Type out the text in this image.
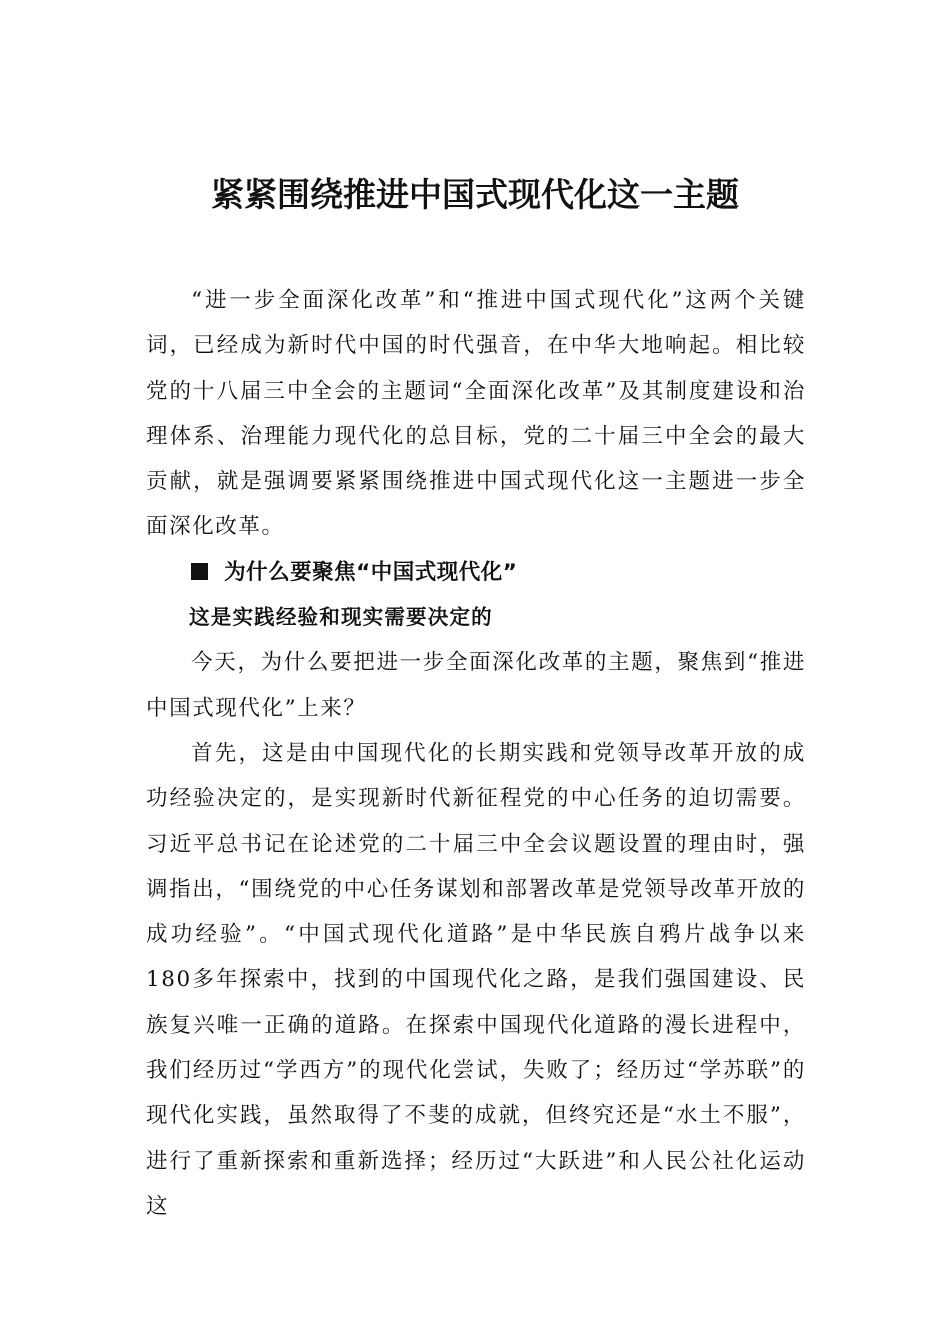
紧紧围绕推进中国式现代化这一主题

“进一步全面深化改革”和“推进中国式现代化”这两个关键词，已经成为新时代中国的时代强音，在中华大地响起。相比较党的十八届三中全会的主题词“全面深化改革”及其制度建设和治理体系、治理能力现代化的总目标，党的二十届三中全会的最大贡献，就是强调要紧紧围绕推进中国式现代化这一主题进一步全面深化改革。

为什么要聚焦“中国式现代化”
这是实践经验和现实需要决定的

今天，为什么要把进一步全面深化改革的主题，聚焦到“推进中国式现代化”上来？

首先，这是由中国现代化的长期实践和党领导改革开放的成功经验决定的，是实现新时代新征程党的中心任务的迫切需要。习近平总书记在论述党的二十届三中全会议题设置的理由时，强调指出，“围绕党的中心任务谋划和部署改革是党领导改革开放的成功经验”。“中国式现代化道路”是中华民族自鸦片战争以来180多年探索中，找到的中国现代化之路，是我们强国建设、民族复兴唯一正确的道路。在探索中国现代化道路的漫长进程中，我们经历过“学西方”的现代化尝试，失败了；经历过“学苏联”的现代化实践，虽然取得了不斐的成就，但终究还是“水土不服”，进行了重新探索和重新选择；经历过“大跃进”和人民公社化运动这
